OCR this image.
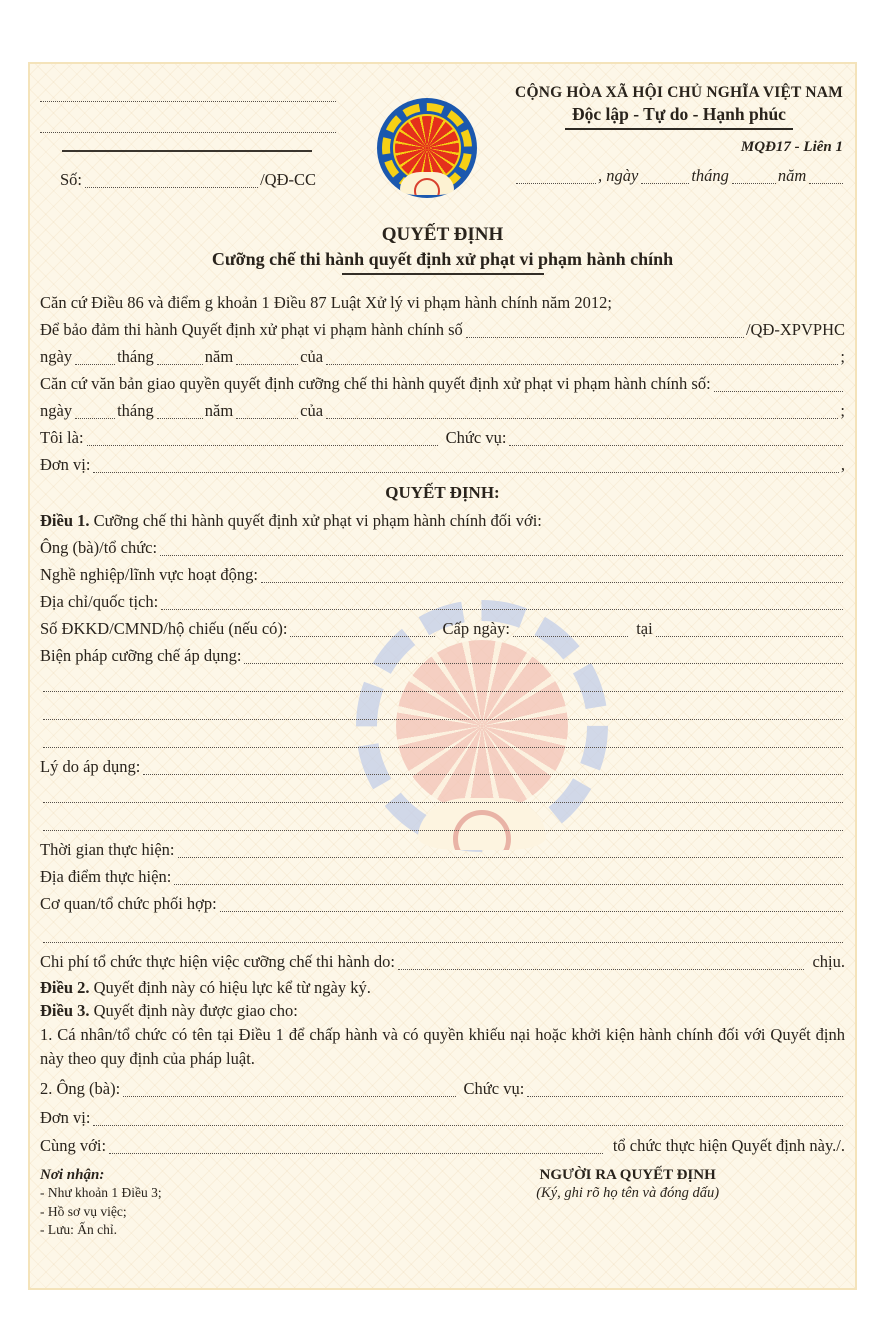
Số:	/QĐ-CC
CỘNG HÒA XÃ HỘI CHỦ NGHĨA VIỆT NAM
Độc lập - Tự do - Hạnh phúc
MQĐ17 - Liên 1
, ngày	tháng	năm
QUYẾT ĐỊNH
Cưỡng chế thi hành quyết định xử phạt vi phạm hành chính
Căn cứ Điều 86 và điểm g khoản 1 Điều 87 Luật Xử lý vi phạm hành chính năm 2012;
Để bảo đảm thi hành Quyết định xử phạt vi phạm hành chính số	/QĐ-XPVPHC
ngày	tháng	năm	của	;
Căn cứ văn bản giao quyền quyết định cưỡng chế thi hành quyết định xử phạt vi phạm hành chính số:
ngày	tháng	năm	của	;
Tôi là:	Chức vụ:
Đơn vị:	,
QUYẾT ĐỊNH:
Điều 1. Cưỡng chế thi hành quyết định xử phạt vi phạm hành chính đối với:
Ông (bà)/tổ chức:
Nghề nghiệp/lĩnh vực hoạt động:
Địa chỉ/quốc tịch:
Số ĐKKD/CMND/hộ chiếu (nếu có):	Cấp ngày:	tại
Biện pháp cưỡng chế áp dụng:
Lý do áp dụng:
Thời gian thực hiện:
Địa điểm thực hiện:
Cơ quan/tổ chức phối hợp:
Chi phí tổ chức thực hiện việc cưỡng chế thi hành do:	chịu.
Điều 2. Quyết định này có hiệu lực kể từ ngày ký.
Điều 3. Quyết định này được giao cho:
1. Cá nhân/tổ chức có tên tại Điều 1 để chấp hành và có quyền khiếu nại hoặc khởi kiện hành chính đối với Quyết định này theo quy định của pháp luật.
2. Ông (bà):	Chức vụ:
Đơn vị:
Cùng với:	tổ chức thực hiện Quyết định này./.
Nơi nhận:
- Như khoản 1 Điều 3;
- Hồ sơ vụ việc;
- Lưu: Ấn chỉ.
NGƯỜI RA QUYẾT ĐỊNH
(Ký, ghi rõ họ tên và đóng dấu)
